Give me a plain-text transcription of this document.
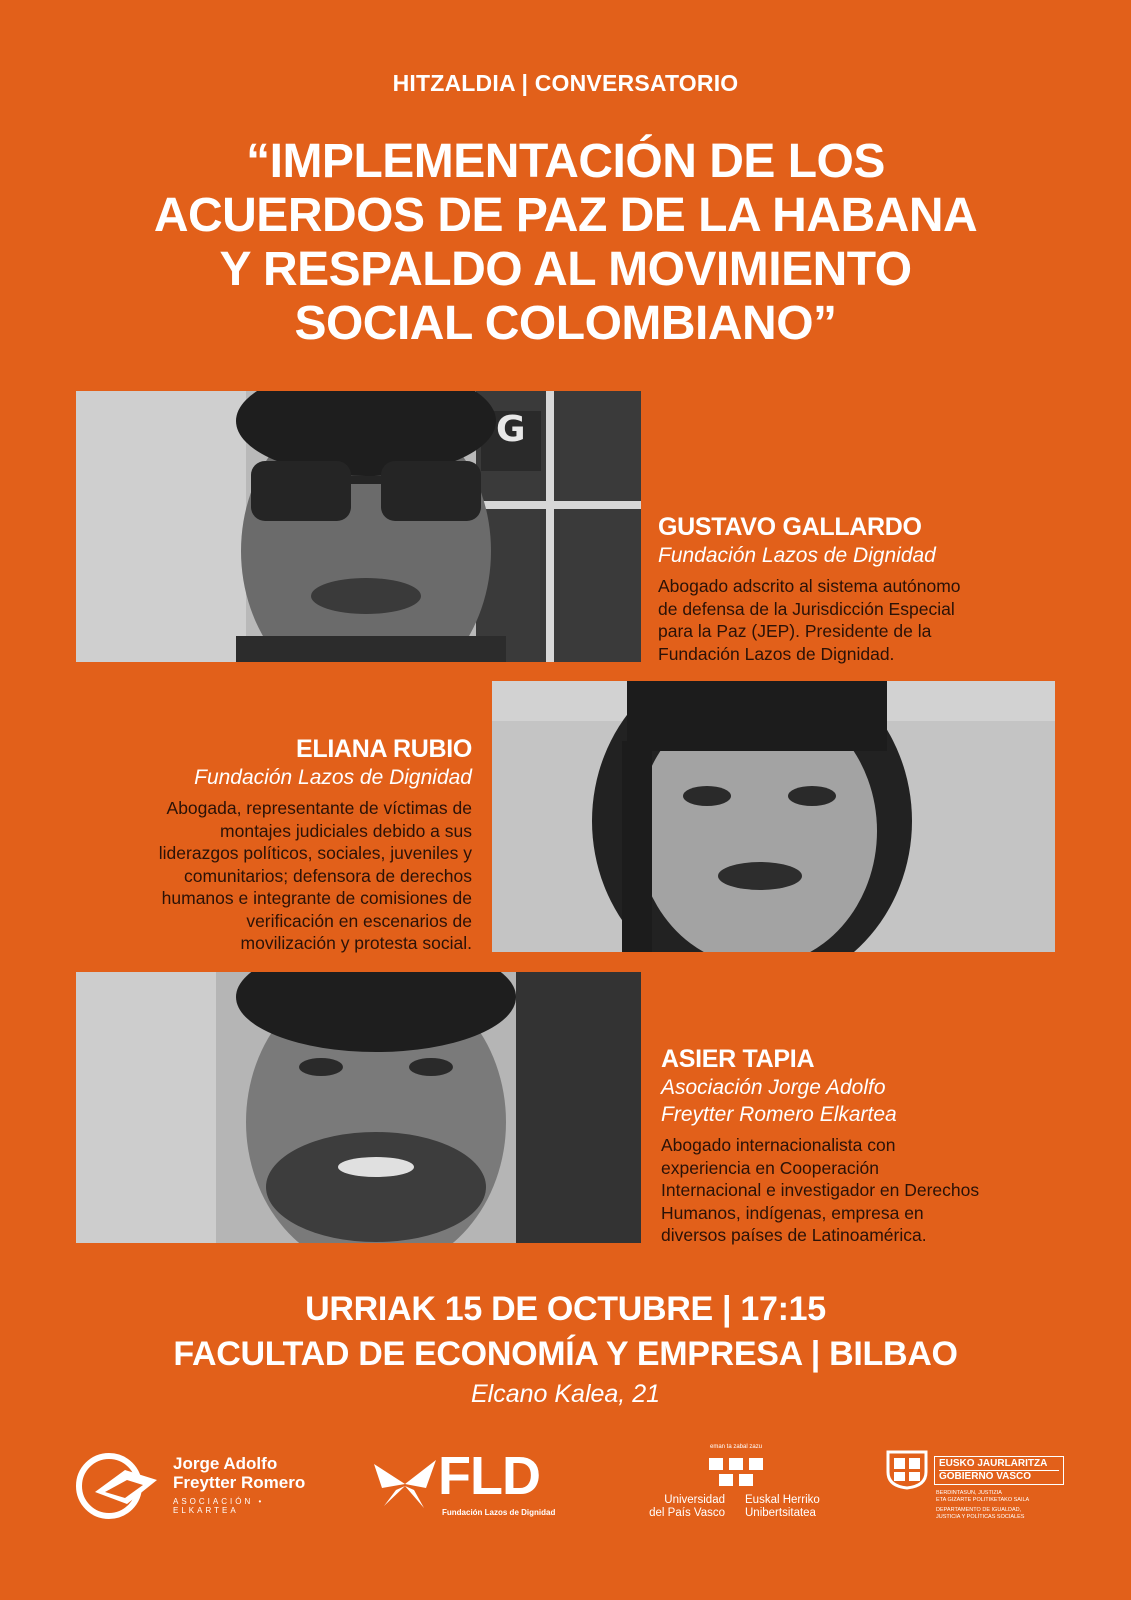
HITZALDIA | CONVERSATORIO
“IMPLEMENTACIÓN DE LOS
ACUERDOS DE PAZ DE LA HABANA
Y RESPALDO AL MOVIMIENTO
SOCIAL COLOMBIANO”
G
GUSTAVO GALLARDO
Fundación Lazos de Dignidad
Abogado adscrito al sistema autónomo
de defensa de la Jurisdicción Especial
para la Paz (JEP). Presidente de la
Fundación Lazos de Dignidad.
ELIANA RUBIO
Fundación Lazos de Dignidad
Abogada, representante de víctimas de
montajes judiciales debido a sus
liderazgos políticos, sociales, juveniles y
comunitarios; defensora de derechos
humanos e integrante de comisiones de
verificación en escenarios de
movilización y protesta social.
ASIER TAPIA
Asociación Jorge Adolfo
Freytter Romero Elkartea
Abogado internacionalista con
experiencia en Cooperación
Internacional e investigador en Derechos
Humanos, indígenas, empresa en
diversos países de Latinoamérica.
URRIAK 15 DE OCTUBRE | 17:15
FACULTAD DE ECONOMÍA Y EMPRESA | BILBAO
Elcano Kalea, 21
Jorge Adolfo
Freytter Romero
ASOCIACIÓN • ELKARTEA
FLD
Fundación Lazos de Dignidad
eman ta zabal zazu
Universidad
del País Vasco
Euskal Herriko
Unibertsitatea
EUSKO JAURLARITZA
GOBIERNO VASCO
BERDINTASUN, JUSTIZIA
ETA GIZARTE POLITIKETAKO SAILA
DEPARTAMENTO DE IGUALDAD,
JUSTICIA Y POLÍTICAS SOCIALES
